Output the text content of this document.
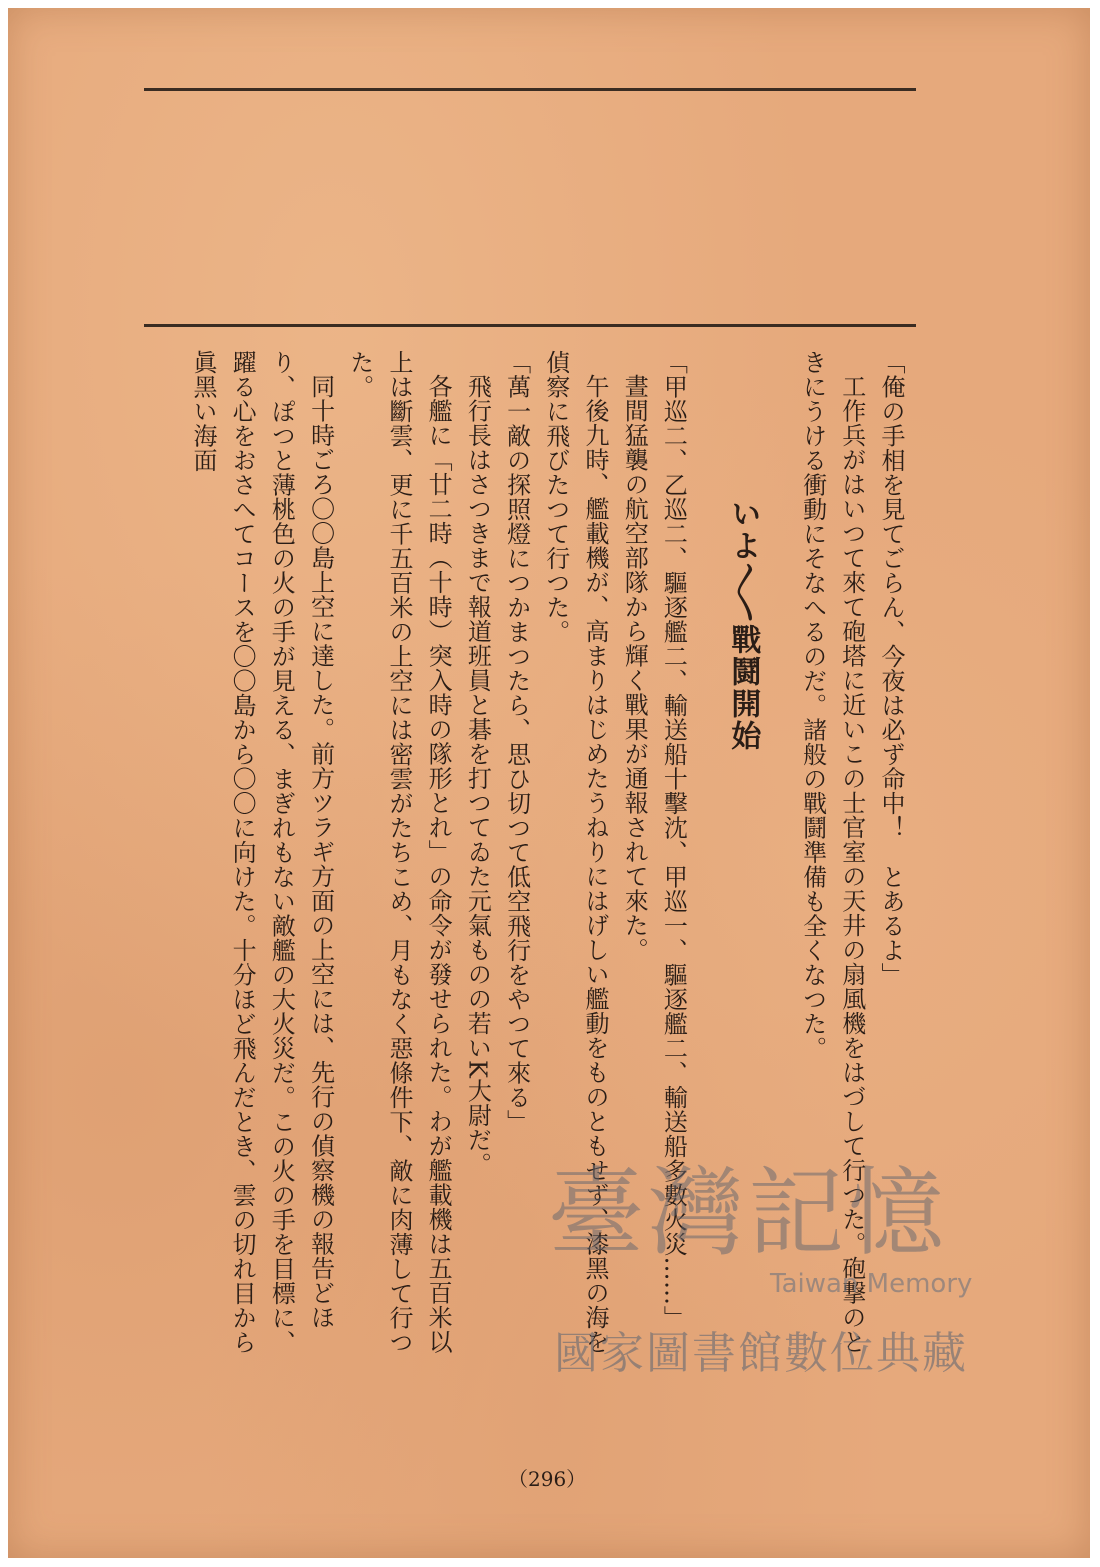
「俺の手相を見てごらん、今夜は必ず命中！　とあるよ」

工作兵がはいつて來て砲塔に近いこの士官室の天井の扇風機をはづして行つた。砲撃のときにうける衝動にそなへるのだ。諸般の戰鬪準備も全くなつた。

いよ〳〵戰鬪開始

「甲巡二、乙巡二、驅逐艦二、輸送船十擊沈、甲巡一、驅逐艦二、輸送船多數火災……」

晝間猛襲の航空部隊から輝く戰果が通報されて來た。

午後九時、艦載機が、高まりはじめたうねりにはげしい艦動をものともせず、漆黑の海を偵察に飛びたつて行つた。

「萬一敵の探照燈につかまつたら、思ひ切つて低空飛行をやつて來る」

飛行長はさつきまで報道班員と碁を打つてゐた元氣ものの若いK大尉だ。

各艦に「廿二時（十時）突入時の隊形とれ」の命令が發せられた。わが艦載機は五百米以上は斷雲、更に千五百米の上空には密雲がたちこめ、月もなく惡條件下、敵に肉薄して行つた。

同十時ごろ〇〇島上空に達した。前方ツラギ方面の上空には、先行の偵察機の報告どほり、ぽつと薄桃色の火の手が見える、まぎれもない敵艦の大火災だ。この火の手を目標に、躍る心をおさへてコースを〇〇島から〇〇に向けた。十分ほど飛んだとき、雲の切れ目から眞黑い海面

（296）
臺灣記憶
Taiwan Memory
國家圖書館數位典藏
